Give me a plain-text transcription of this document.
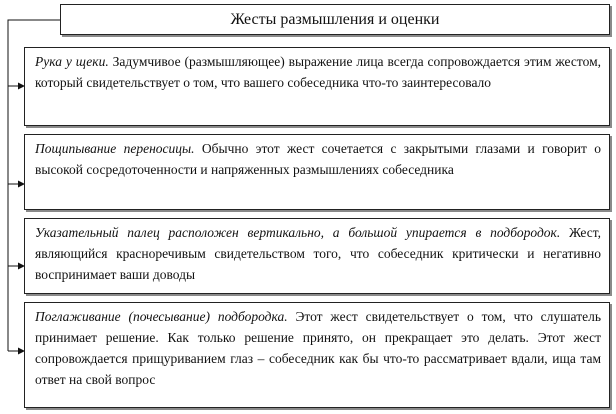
Жесты размышления и оценки
Рука у щеки. Задумчивое (размышляющее) выражение лица всегда сопровождается этим жестом, который свидетельствует о том, что вашего собеседника что-то заинтересовало
Пощипывание переносицы. Обычно этот жест сочетается с закрытыми глазами и говорит о высокой сосредоточенности и напряженных размышлениях собеседника
Указательный палец расположен вертикально, а большой упирается в подбородок. Жест, являющийся красноречивым свидетельством того, что собеседник критически и негативно воспринимает ваши доводы
Поглаживание (почесывание) подбородка. Этот жест свидетельствует о том, что слушатель принимает решение. Как только решение принято, он прекращает это делать. Этот жест сопровождается прищуриванием глаз – собеседник как бы что-то рассматривает вдали, ища там ответ на свой вопрос
